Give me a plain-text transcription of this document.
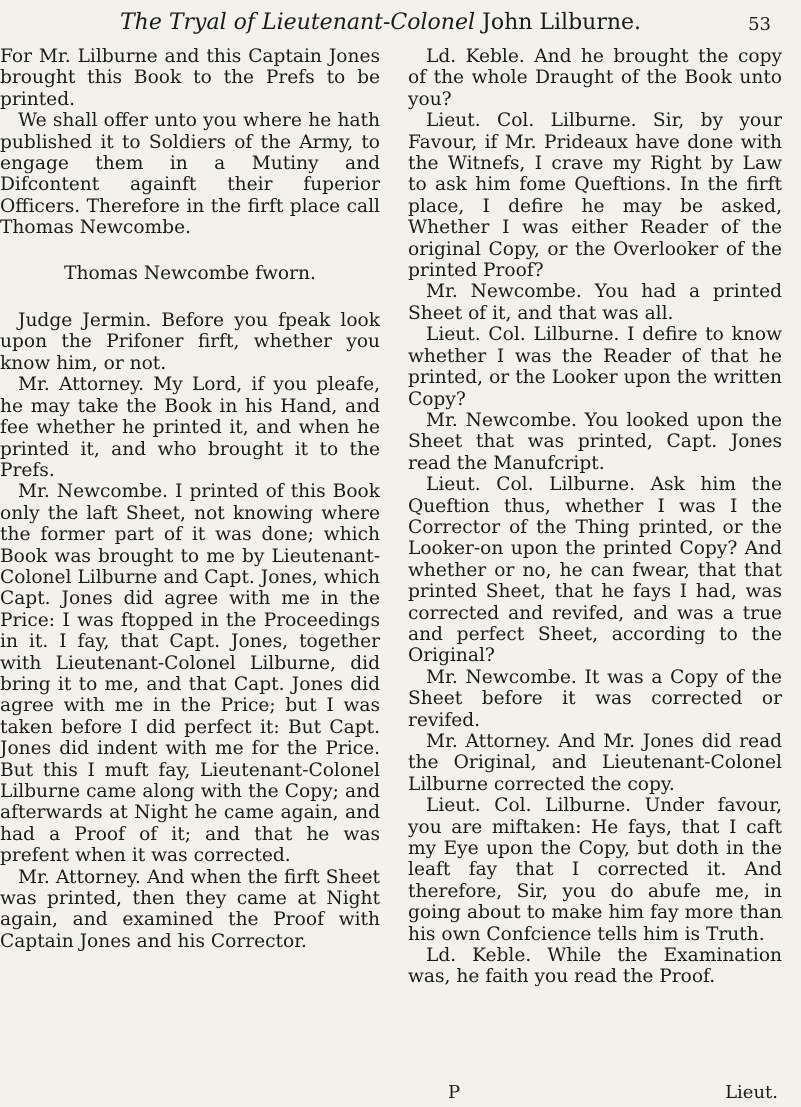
The Tryal of Lieutenant-Colonel John Lilburne.	53

For Mr. Lilburne and this Captain Jones brought this Book to the Prefs to be printed.

We shall offer unto you where he hath published it to Soldiers of the Army, to engage them in a Mutiny and Difcontent againft their fuperior Officers. Therefore in the firft place call Thomas Newcombe.

Thomas Newcombe fworn.

Judge Jermin. Before you fpeak look upon the Prifoner firft, whether you know him, or not.

Mr. Attorney. My Lord, if you pleafe, he may take the Book in his Hand, and fee whether he printed it, and when he printed it, and who brought it to the Prefs.

Mr. Newcombe. I printed of this Book only the laft Sheet, not knowing where the former part of it was done; which Book was brought to me by Lieutenant-Colonel Lilburne and Capt. Jones, which Capt. Jones did agree with me in the Price: I was ftopped in the Proceedings in it. I fay, that Capt. Jones, together with Lieutenant-Colonel Lilburne, did bring it to me, and that Capt. Jones did agree with me in the Price; but I was taken before I did perfect it: But Capt. Jones did indent with me for the Price. But this I muft fay, Lieutenant-Colonel Lilburne came along with the Copy; and afterwards at Night he came again, and had a Proof of it; and that he was prefent when it was corrected.

Mr. Attorney. And when the firft Sheet was printed, then they came at Night again, and examined the Proof with Captain Jones and his Corrector.

Ld. Keble. And he brought the copy of the whole Draught of the Book unto you?

Lieut. Col. Lilburne. Sir, by your Favour, if Mr. Prideaux have done with the Witnefs, I crave my Right by Law to ask him fome Queftions. In the firft place, I defire he may be asked, Whether I was either Reader of the original Copy, or the Overlooker of the printed Proof?

Mr. Newcombe. You had a printed Sheet of it, and that was all.

Lieut. Col. Lilburne. I defire to know whether I was the Reader of that he printed, or the Looker upon the written Copy?

Mr. Newcombe. You looked upon the Sheet that was printed, Capt. Jones read the Manufcript.

Lieut. Col. Lilburne. Ask him the Queftion thus, whether I was I the Corrector of the Thing printed, or the Looker-on upon the printed Copy? And whether or no, he can fwear, that that printed Sheet, that he fays I had, was corrected and revifed, and was a true and perfect Sheet, according to the Original?

Mr. Newcombe. It was a Copy of the Sheet before it was corrected or revifed.

Mr. Attorney. And Mr. Jones did read the Original, and Lieutenant-Colonel Lilburne corrected the copy.

Lieut. Col. Lilburne. Under favour, you are miftaken: He fays, that I caft my Eye upon the Copy, but doth in the leaft fay that I corrected it. And therefore, Sir, you do abufe me, in going about to make him fay more than his own Confcience tells him is Truth.

Ld. Keble. While the Examination was, he faith you read the Proof.

P	Lieut.
